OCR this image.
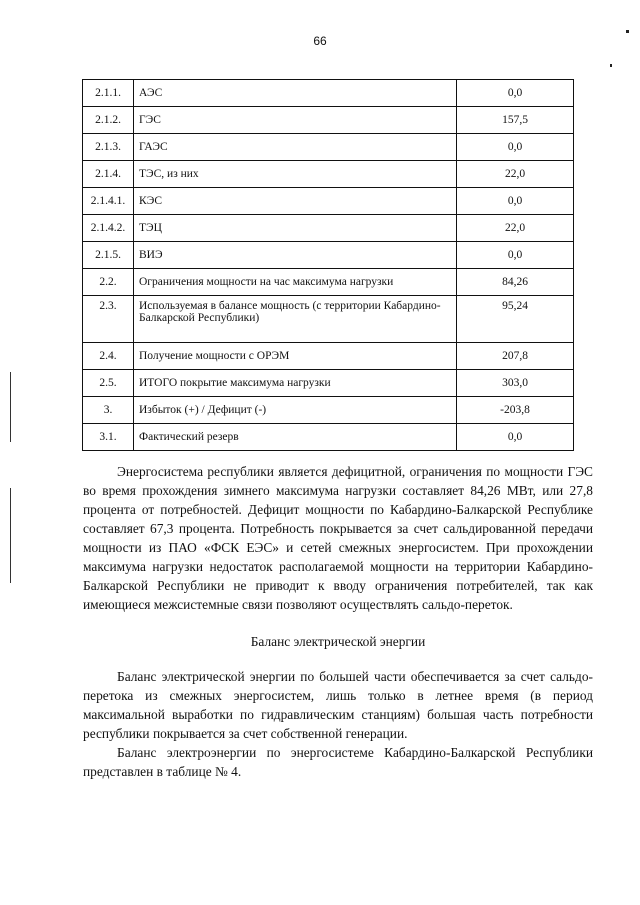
66
2.1.1.	АЭС	0,0
2.1.2.	ГЭС	157,5
2.1.3.	ГАЭС	0,0
2.1.4.	ТЭС, из них	22,0
2.1.4.1.	КЭС	0,0
2.1.4.2.	ТЭЦ	22,0
2.1.5.	ВИЭ	0,0
2.2.	Ограничения мощности на час максимума нагрузки	84,26
2.3.	Используемая в балансе мощность (с территории Кабардино-Балкарской Республики)	95,24
2.4.	Получение мощности с ОРЭМ	207,8
2.5.	ИТОГО покрытие максимума нагрузки	303,0
3.	Избыток (+) / Дефицит (-)	-203,8
3.1.	Фактический резерв	0,0

Энергосистема республики является дефицитной, ограничения по мощности ГЭС во время прохождения зимнего максимума нагрузки составляет 84,26 МВт, или 27,8 процента от потребностей. Дефицит мощности по Кабардино-Балкарской Республике составляет 67,3 процента. Потребность покрывается за счет сальдированной передачи мощности из ПАО «ФСК ЕЭС» и сетей смежных энергосистем. При прохождении максимума нагрузки недостаток располагаемой мощности на территории Кабардино-Балкарской Республики не приводит к вводу ограничения потребителей, так как имеющиеся межсистемные связи позволяют осуществлять сальдо-переток.

Баланс электрической энергии

Баланс электрической энергии по большей части обеспечивается за счет сальдо-перетока из смежных энергосистем, лишь только в летнее время (в период максимальной выработки по гидравлическим станциям) большая часть потребности республики покрывается за счет собственной генерации.

Баланс электроэнергии по энергосистеме Кабардино-Балкарской Республики представлен в таблице № 4.
